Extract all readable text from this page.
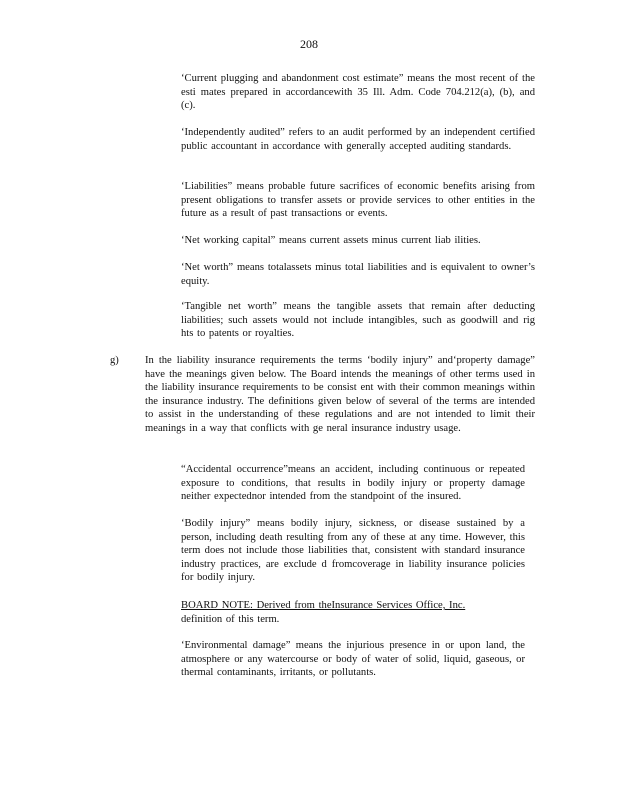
208

‘Current plugging and abandonment cost estimate” means the most recent of the esti mates prepared in accordancewith 35 Ill. Adm. Code 704.212(a), (b), and (c).

‘Independently audited” refers to an audit performed by an independent certified public accountant in accordance with generally accepted auditing standards.

‘Liabilities” means probable future sacrifices of economic benefits arising from present obligations to transfer assets or provide services to other entities in the future as a result of past transactions or events.

‘Net working capital” means current assets minus current liab ilities.

‘Net worth” means totalassets minus total liabilities and is equivalent to owner’s equity.

‘Tangible net worth” means the tangible assets that remain after deducting liabilities; such assets would not include intangibles, such as goodwill and rig hts to patents or royalties.

g) In the liability insurance requirements the terms ‘bodily injury” and‘property damage” have the meanings given below. The Board intends the meanings of other terms used in the liability insurance requirements to be consist ent with their common meanings within the insurance industry. The definitions given below of several of the terms are intended to assist in the understanding of these regulations and are not intended to limit their meanings in a way that conflicts with ge neral insurance industry usage.

“Accidental occurrence”means an accident, including continuous or repeated exposure to conditions, that results in bodily injury or property damage neither expectednor intended from the standpoint of the insured.

‘Bodily injury” means bodily injury, sickness, or disease sustained by a person, including death resulting from any of these at any time. However, this term does not include those liabilities that, consistent with standard insurance industry practices, are exclude d fromcoverage in liability insurance policies for bodily injury.

BOARD NOTE: Derived from theInsurance Services Office, Inc.
definition of this term.

‘Environmental damage” means the injurious presence in or upon land, the atmosphere or any watercourse or body of water of solid, liquid, gaseous, or thermal contaminants, irritants, or pollutants.
